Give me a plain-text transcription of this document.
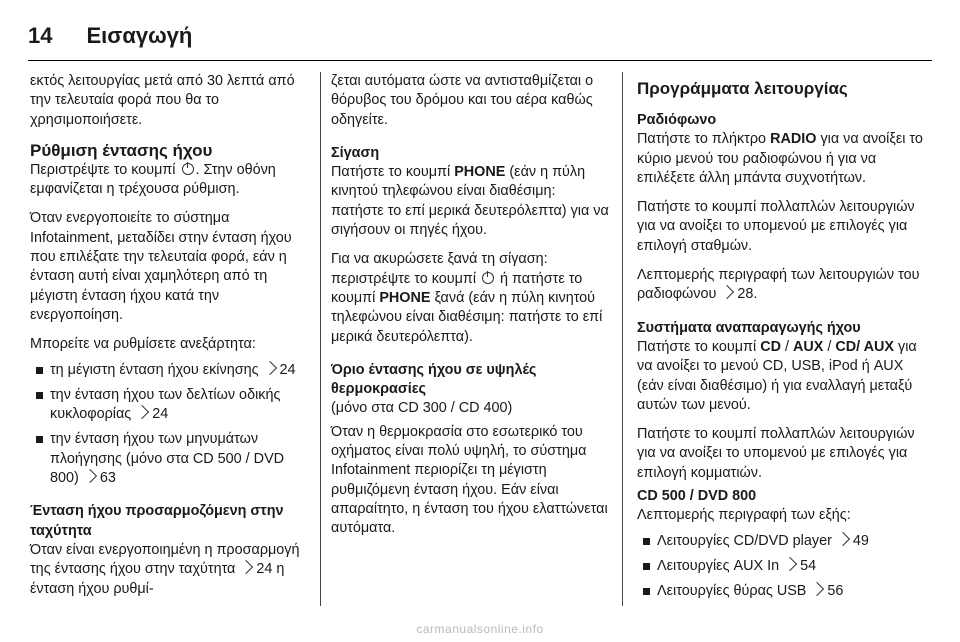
14 Εισαγωγή

εκτός λειτουργίας μετά από 30 λεπτά από την τελευταία φορά που θα το χρησιμοποιήσετε.

Ρύθμιση έντασης ήχου

Περιστρέψτε το κουμπί . Στην οθόνη εμφανίζεται η τρέχουσα ρύθμιση.

Όταν ενεργοποιείτε το σύστημα Infotainment, μεταδίδει στην ένταση ήχου που επιλέξατε την τελευταία φορά, εάν η ένταση αυτή είναι χαμηλότερη από τη μέγιστη ένταση ήχου κατά την ενεργοποίηση.

Μπορείτε να ρυθμίσετε ανεξάρτητα:

τη μέγιστη ένταση ήχου εκίνησης 24
την ένταση ήχου των δελτίων οδικής κυκλοφορίας 24
την ένταση ήχου των μηνυμάτων πλοήγησης (μόνο στα CD 500 / DVD 800) 63
Ένταση ήχου προσαρμοζόμενη στην ταχύτητα

Όταν είναι ενεργοποιημένη η προσαρμογή της έντασης ήχου στην ταχύτητα 24 η ένταση ήχου ρυθμί-

ζεται αυτόματα ώστε να αντισταθμίζεται ο θόρυβος του δρόμου και του αέρα καθώς οδηγείτε.

Σίγαση

Πατήστε το κουμπί PHONE (εάν η πύλη κινητού τηλεφώνου είναι διαθέσιμη: πατήστε το επί μερικά δευτερόλεπτα) για να σιγήσουν οι πηγές ήχου.

Για να ακυρώσετε ξανά τη σίγαση: περιστρέψτε το κουμπί ή πατήστε το κουμπί PHONE ξανά (εάν η πύλη κινητού τηλεφώνου είναι διαθέσιμη: πατήστε το επί μερικά δευτερόλεπτα).

Όριο έντασης ήχου σε υψηλές θερμοκρασίες

(μόνο στα CD 300 / CD 400)

Όταν η θερμοκρασία στο εσωτερικό του οχήματος είναι πολύ υψηλή, το σύστημα Infotainment περιορίζει τη μέγιστη ρυθμιζόμενη ένταση ήχου. Εάν είναι απαραίτητο, η ένταση του ήχου ελαττώνεται αυτόματα.

Προγράμματα λειτουργίας
Ραδιόφωνο

Πατήστε το πλήκτρο RADIO για να ανοίξει το κύριο μενού του ραδιοφώνου ή για να επιλέξετε άλλη μπάντα συχνοτήτων.

Πατήστε το κουμπί πολλαπλών λειτουργιών για να ανοίξει το υπομενού με επιλογές για επιλογή σταθμών.

Λεπτομερής περιγραφή των λειτουργιών του ραδιοφώνου 28.

Συστήματα αναπαραγωγής ήχου

Πατήστε το κουμπί CD / AUX / CD/ AUX για να ανοίξει το μενού CD, USB, iPod ή AUX (εάν είναι διαθέσιμο) ή για εναλλαγή μεταξύ αυτών των μενού.

Πατήστε το κουμπί πολλαπλών λειτουργιών για να ανοίξει το υπομενού με επιλογές για επιλογή κομματιών.

CD 500 / DVD 800

Λεπτομερής περιγραφή των εξής:

Λειτουργίες CD/DVD player 49
Λειτουργίες AUX In 54
Λειτουργίες θύρας USB 56
carmanualsonline.info
